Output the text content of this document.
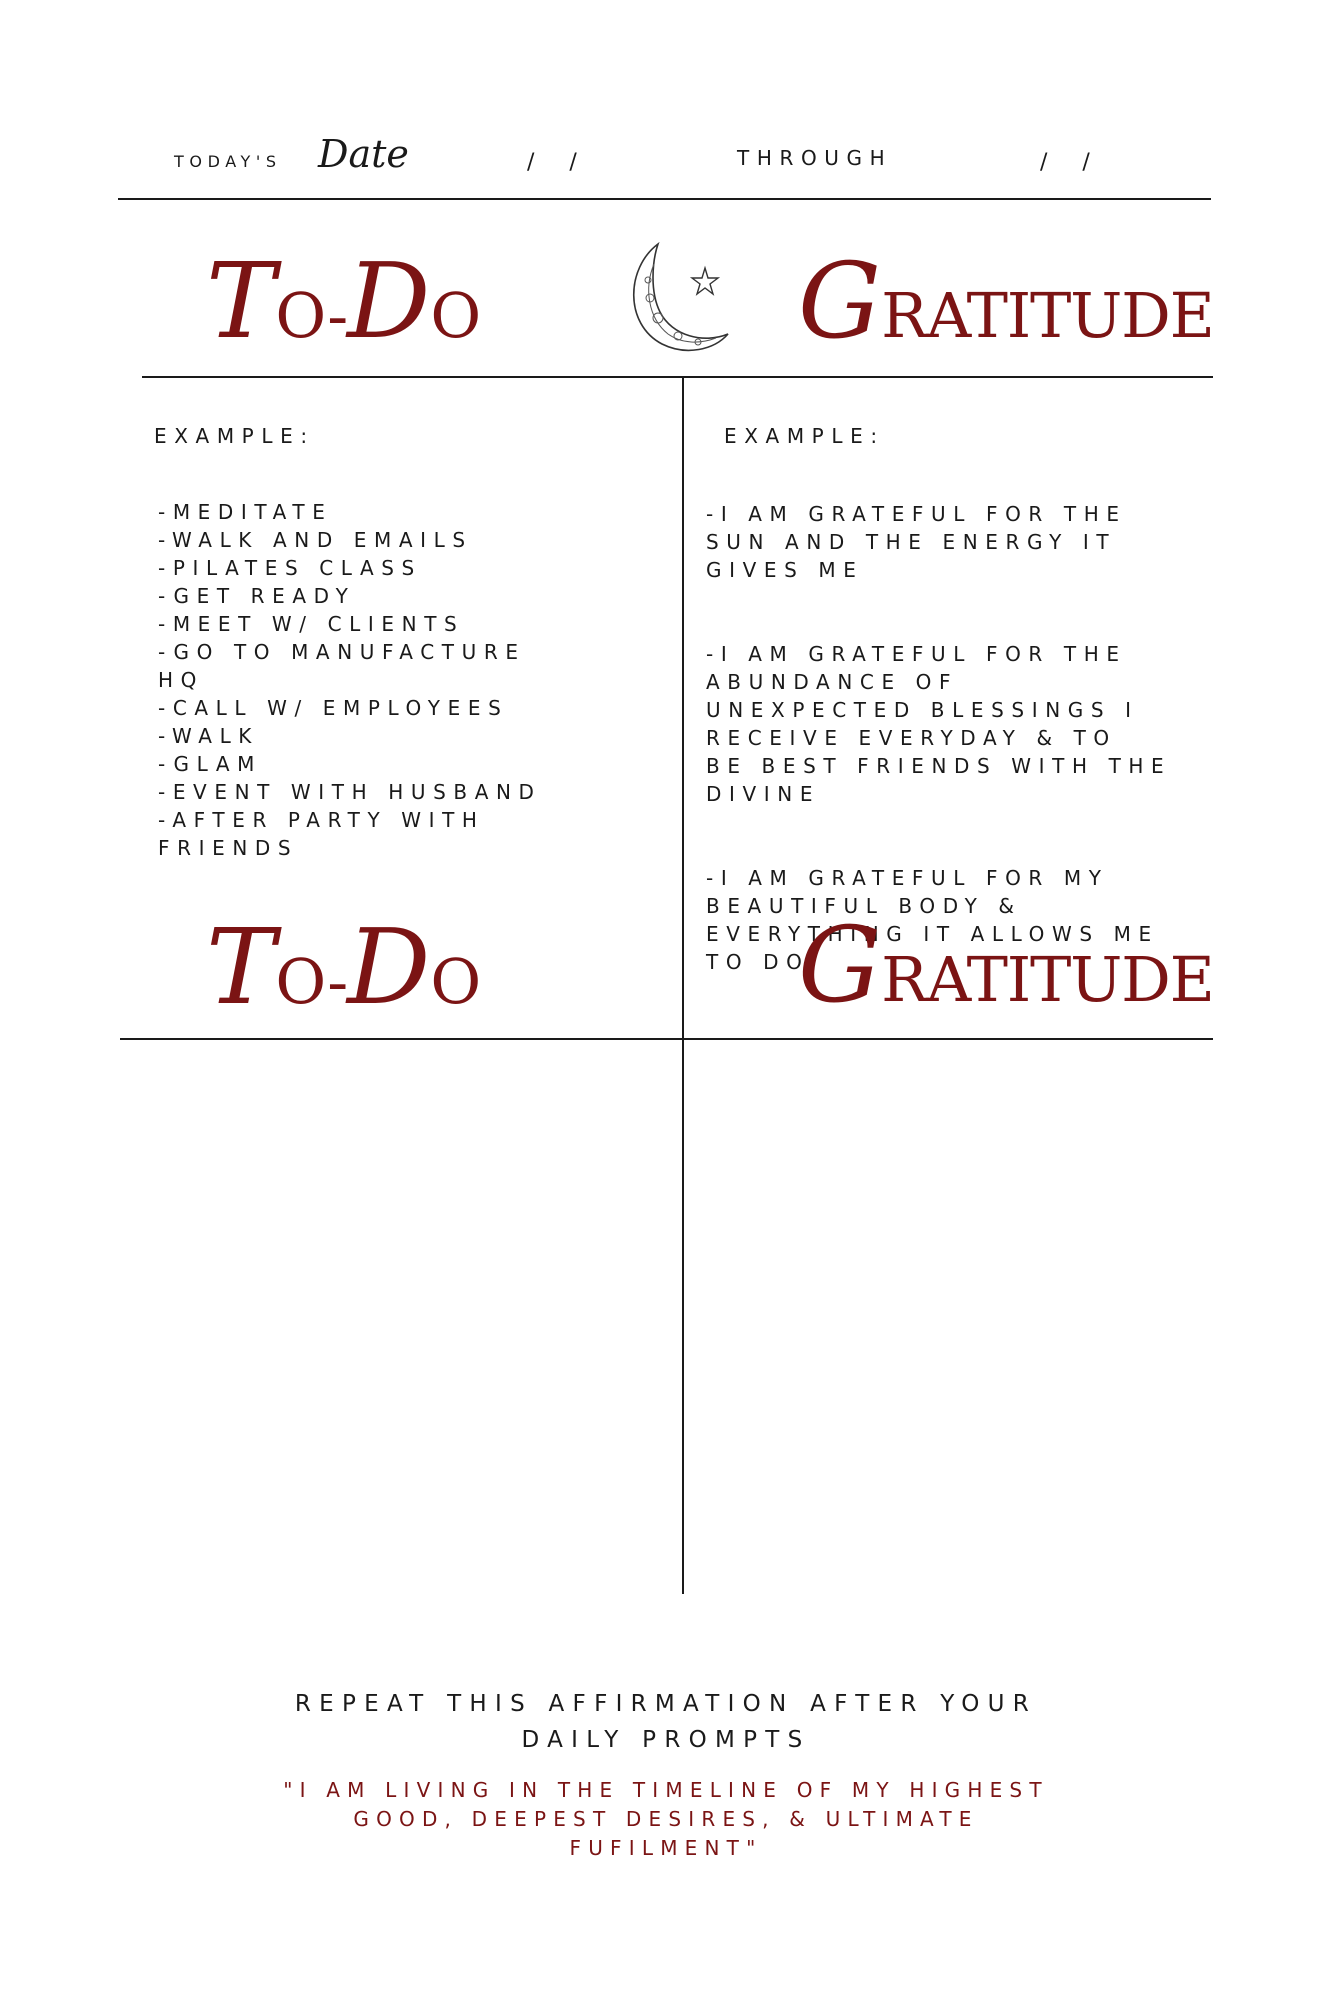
TODAY'S Date	/     /	THROUGH	/     /
TO-DO	GRATITUDE
EXAMPLE:
-MEDITATE
-WALK AND EMAILS
-PILATES CLASS
-GET READY
-MEET W/ CLIENTS
-GO TO MANUFACTURE
HQ
-CALL W/ EMPLOYEES
-WALK
-GLAM
-EVENT WITH HUSBAND
-AFTER PARTY WITH
FRIENDS
EXAMPLE:

-I AM GRATEFUL FOR THE
SUN AND THE ENERGY IT
GIVES ME

-I AM GRATEFUL FOR THE
ABUNDANCE OF
UNEXPECTED BLESSINGS I
RECEIVE EVERYDAY & TO
BE BEST FRIENDS WITH THE
DIVINE

-I AM GRATEFUL FOR MY
BEAUTIFUL BODY &
EVERYTHING IT ALLOWS ME
TO DO

TO-DO	GRATITUDE
REPEAT THIS AFFIRMATION AFTER YOUR
DAILY PROMPTS
"I AM LIVING IN THE TIMELINE OF MY HIGHEST
GOOD, DEEPEST DESIRES, & ULTIMATE
FUFILMENT"
